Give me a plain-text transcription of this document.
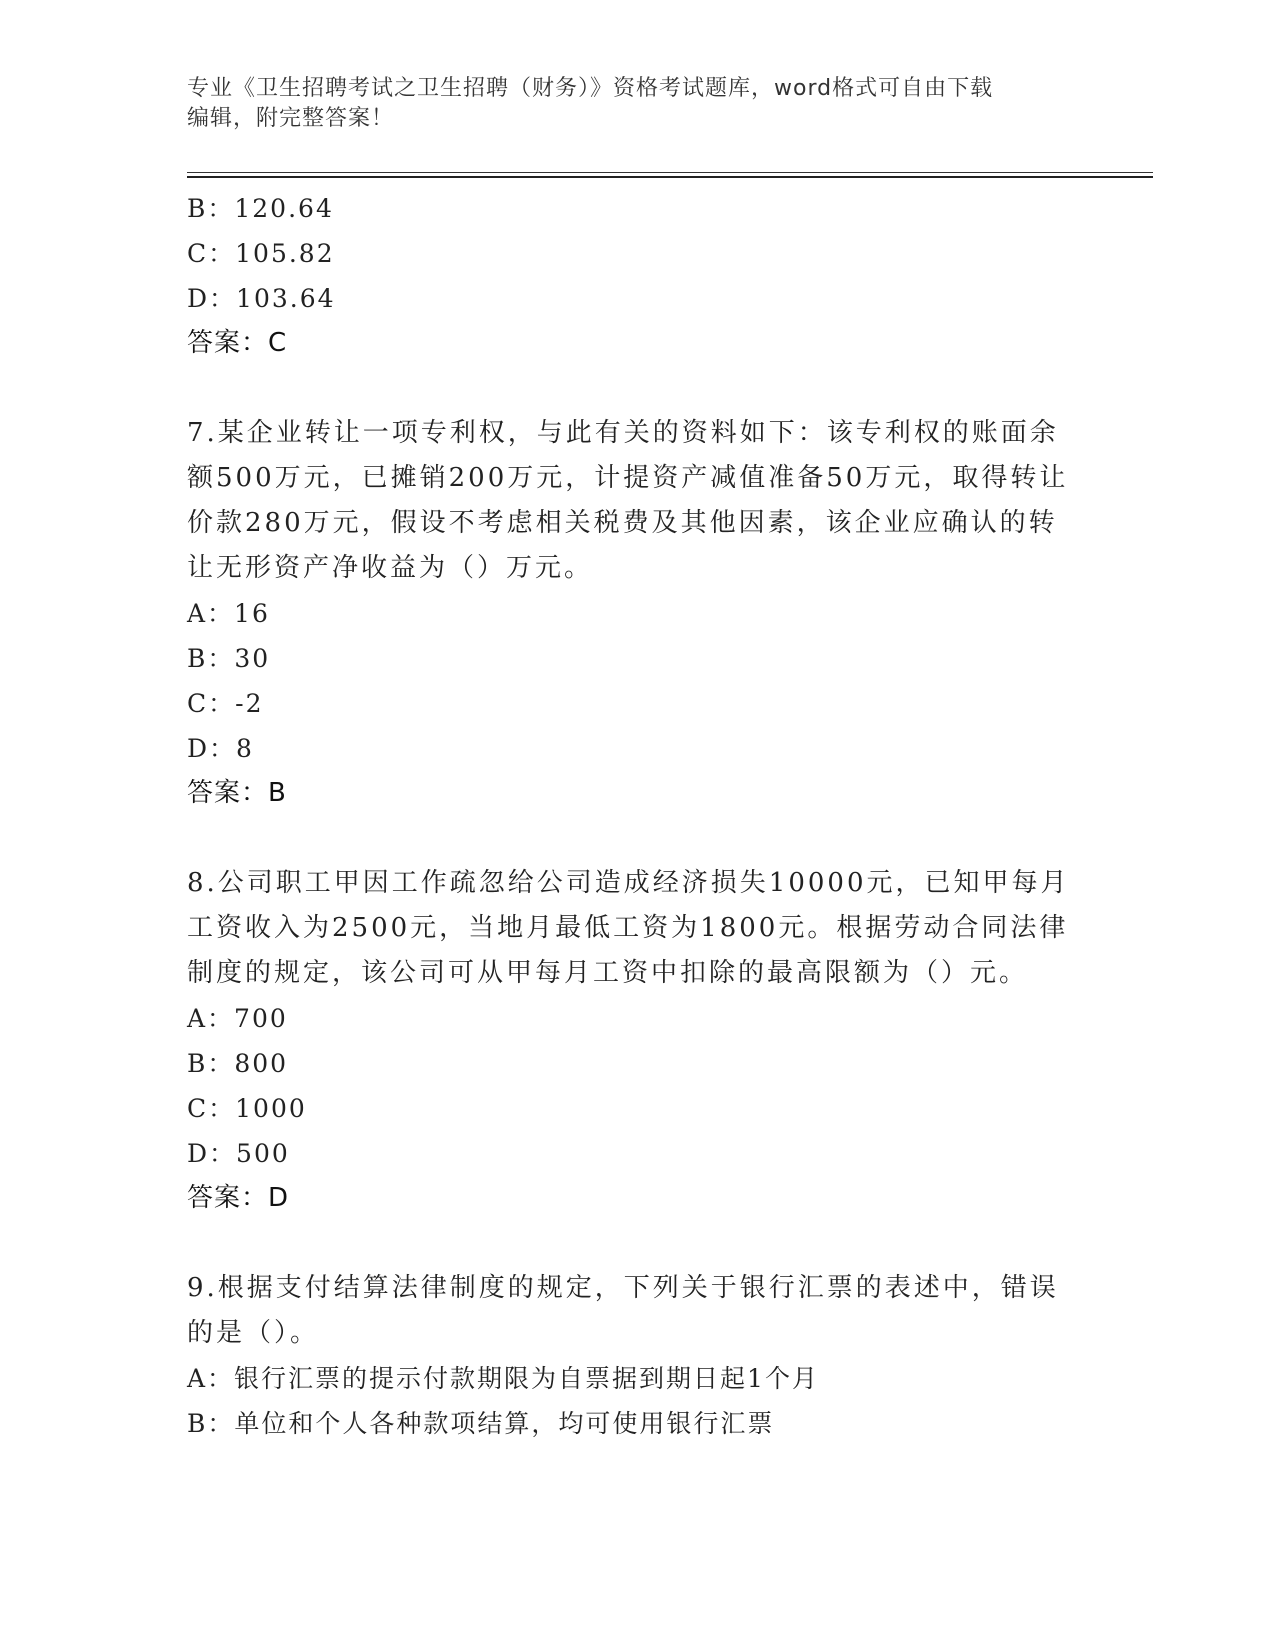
专业《卫生招聘考试之卫生招聘（财务）》资格考试题库，word格式可自由下载
编辑，附完整答案！
B：120.64
C：105.82
D：103.64
答案：C
7.某企业转让一项专利权，与此有关的资料如下：该专利权的账面余
额500万元，已摊销200万元，计提资产减值准备50万元，取得转让
价款280万元，假设不考虑相关税费及其他因素，该企业应确认的转
让无形资产净收益为（）万元。
A：16
B：30
C：-2
D：8
答案：B
8.公司职工甲因工作疏忽给公司造成经济损失10000元，已知甲每月
工资收入为2500元，当地月最低工资为1800元。根据劳动合同法律
制度的规定，该公司可从甲每月工资中扣除的最高限额为（）元。
A：700
B：800
C：1000
D：500
答案：D
9.根据支付结算法律制度的规定，下列关于银行汇票的表述中，错误
的是（）。
A：银行汇票的提示付款期限为自票据到期日起1个月
B：单位和个人各种款项结算，均可使用银行汇票
